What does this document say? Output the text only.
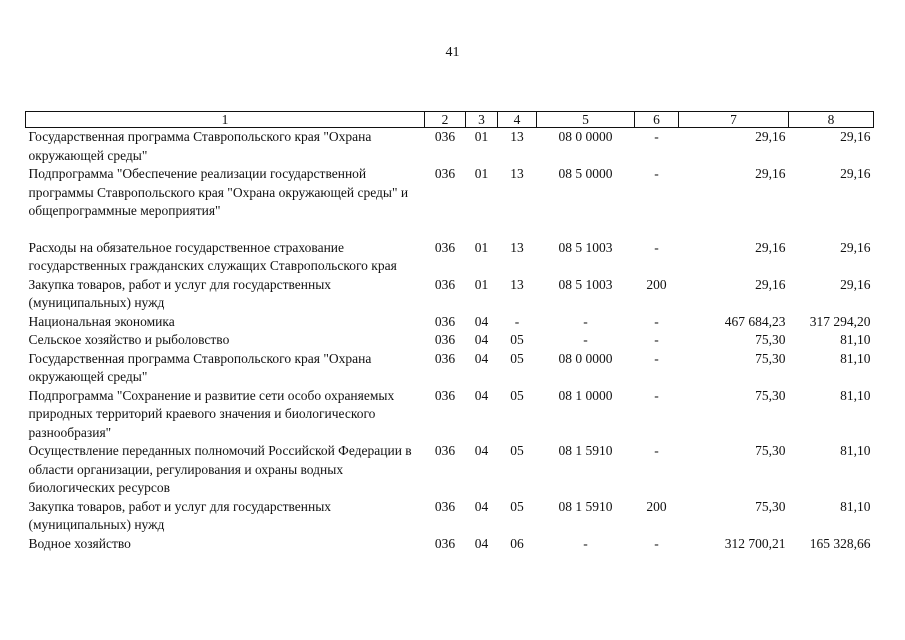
41
1	2	3	4	5	6	7	8
Государственная программа Ставропольского края "Охрана окружающей среды"	036	01	13	08 0 0000	-	29,16	29,16
Подпрограмма "Обеспечение реализации государственной программы Ставропольского края "Охрана окружающей среды" и общепрограммные мероприятия"	036	01	13	08 5 0000	-	29,16	29,16

Расходы на обязательное государственное страхование государственных гражданских служащих Ставропольского края	036	01	13	08 5 1003	-	29,16	29,16
Закупка товаров, работ и услуг для государственных (муниципальных) нужд	036	01	13	08 5 1003	200	29,16	29,16
Национальная экономика	036	04	-	-	-	467 684,23	317 294,20
Сельское хозяйство и рыболовство	036	04	05	-	-	75,30	81,10
Государственная программа Ставропольского края "Охрана окружающей среды"	036	04	05	08 0 0000	-	75,30	81,10
Подпрограмма "Сохранение и развитие сети особо охраняемых природных территорий краевого значения и биологического разнообразия"	036	04	05	08 1 0000	-	75,30	81,10
Осуществление переданных полномочий Российской Федерации в области организации, регулирования и охраны водных биологических ресурсов	036	04	05	08 1 5910	-	75,30	81,10
Закупка товаров, работ и услуг для государственных (муниципальных) нужд	036	04	05	08 1 5910	200	75,30	81,10
Водное хозяйство	036	04	06	-	-	312 700,21	165 328,66
